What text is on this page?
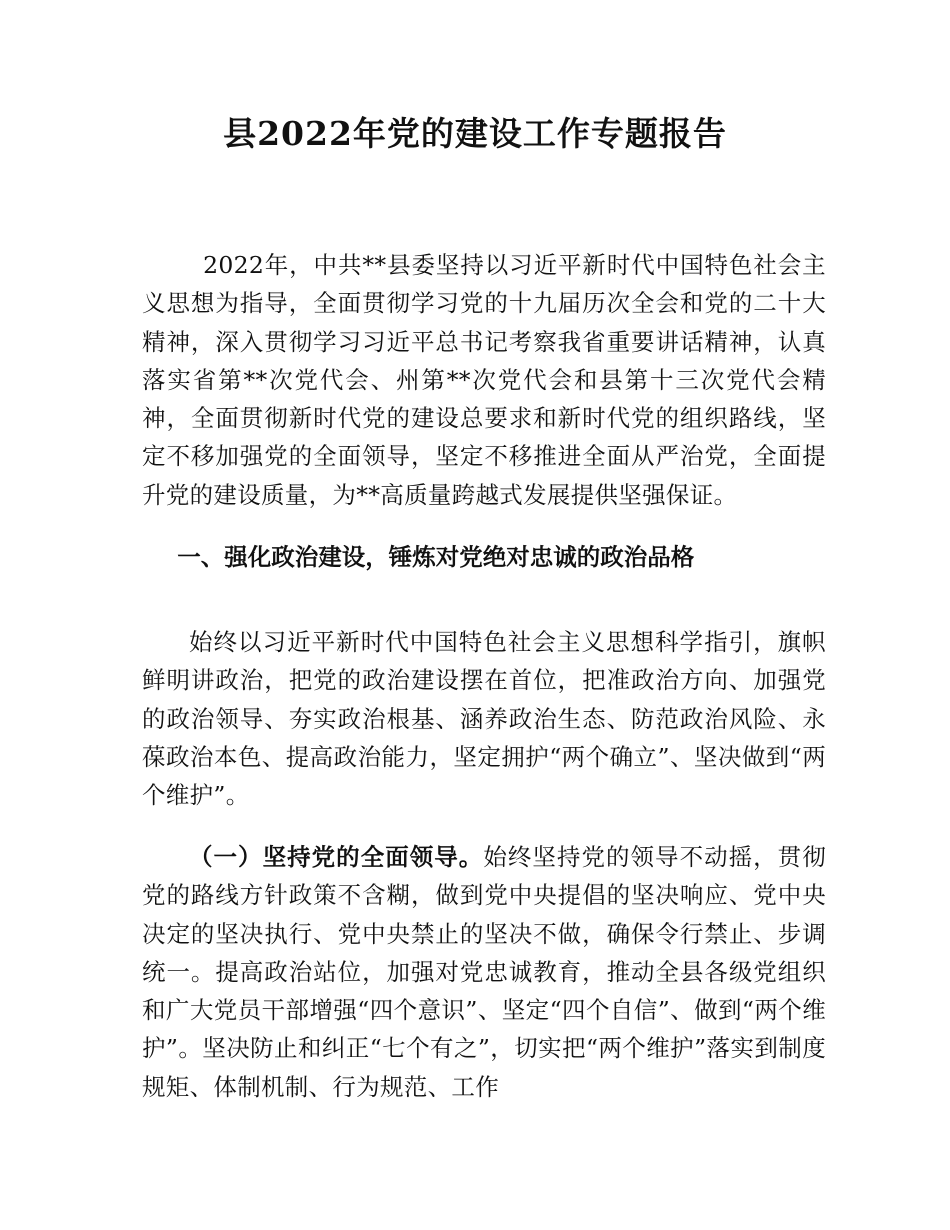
县2022年党的建设工作专题报告

2022年，中共**县委坚持以习近平新时代中国特色社会主义思想为指导，全面贯彻学习党的十九届历次全会和党的二十大精神，深入贯彻学习习近平总书记考察我省重要讲话精神，认真落实省第**次党代会、州第**次党代会和县第十三次党代会精神，全面贯彻新时代党的建设总要求和新时代党的组织路线，坚定不移加强党的全面领导，坚定不移推进全面从严治党，全面提升党的建设质量，为**高质量跨越式发展提供坚强保证。

一、强化政治建设，锤炼对党绝对忠诚的政治品格

始终以习近平新时代中国特色社会主义思想科学指引，旗帜鲜明讲政治，把党的政治建设摆在首位，把准政治方向、加强党的政治领导、夯实政治根基、涵养政治生态、防范政治风险、永葆政治本色、提高政治能力，坚定拥护“两个确立”、坚决做到“两个维护”。

（一）坚持党的全面领导。始终坚持党的领导不动摇，贯彻党的路线方针政策不含糊，做到党中央提倡的坚决响应、党中央决定的坚决执行、党中央禁止的坚决不做，确保令行禁止、步调统一。提高政治站位，加强对党忠诚教育，推动全县各级党组织和广大党员干部增强“四个意识”、坚定“四个自信”、做到“两个维护”。坚决防止和纠正“七个有之”，切实把“两个维护”落实到制度规矩、体制机制、行为规范、工作
